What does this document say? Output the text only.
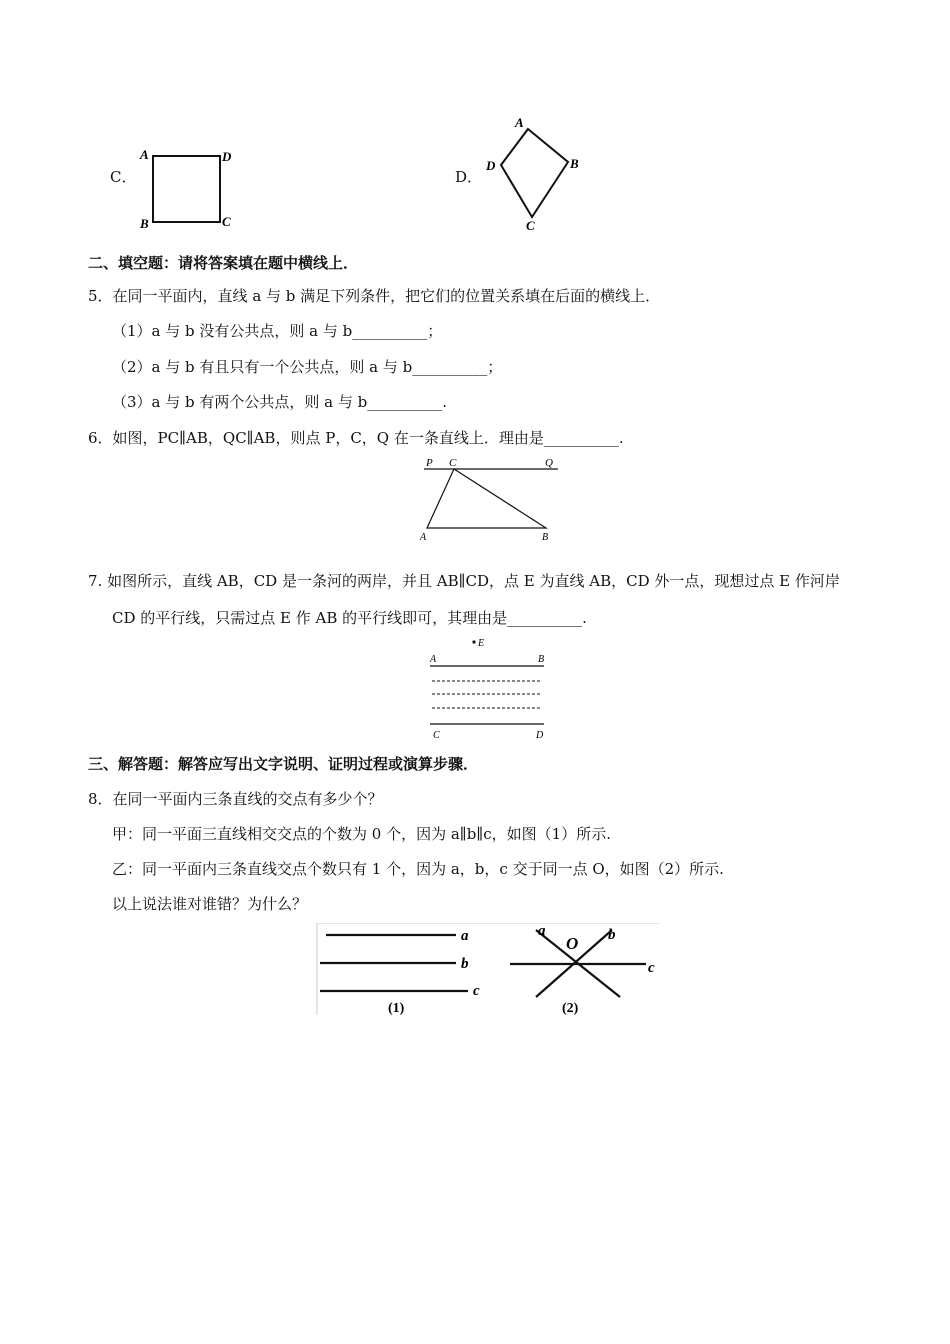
C．
A	D
B	C
D．
A
D	B
C
二、填空题：请将答案填在题中横线上．
5．在同一平面内，直线 a 与 b 满足下列条件，把它们的位置关系填在后面的横线上．
（1）a 与 b 没有公共点，则 a 与 b__________；
（2）a 与 b 有且只有一个公共点，则 a 与 b__________；
（3）a 与 b 有两个公共点，则 a 与 b__________.
6．如图，PC∥AB，QC∥AB，则点 P，C，Q 在一条直线上．理由是__________.
P C	Q
A	B
7. 如图所示，直线 AB，CD 是一条河的两岸，并且 AB∥CD，点 E 为直线 AB，CD 外一点，现想过点 E 作河岸
CD 的平行线，只需过点 E 作 AB 的平行线即可，其理由是__________.
E
A	B
C	D
三、解答题：解答应写出文字说明、证明过程或演算步骤．
8．在同一平面内三条直线的交点有多少个？
甲：同一平面三直线相交交点的个数为 0 个，因为 a∥b∥c，如图（1）所示.
乙：同一平面内三条直线交点个数只有 1 个，因为 a，b，c 交于同一点 O，如图（2）所示.
以上说法谁对谁错？为什么？
a
b
c
(1)
a
O b
c
(2)
